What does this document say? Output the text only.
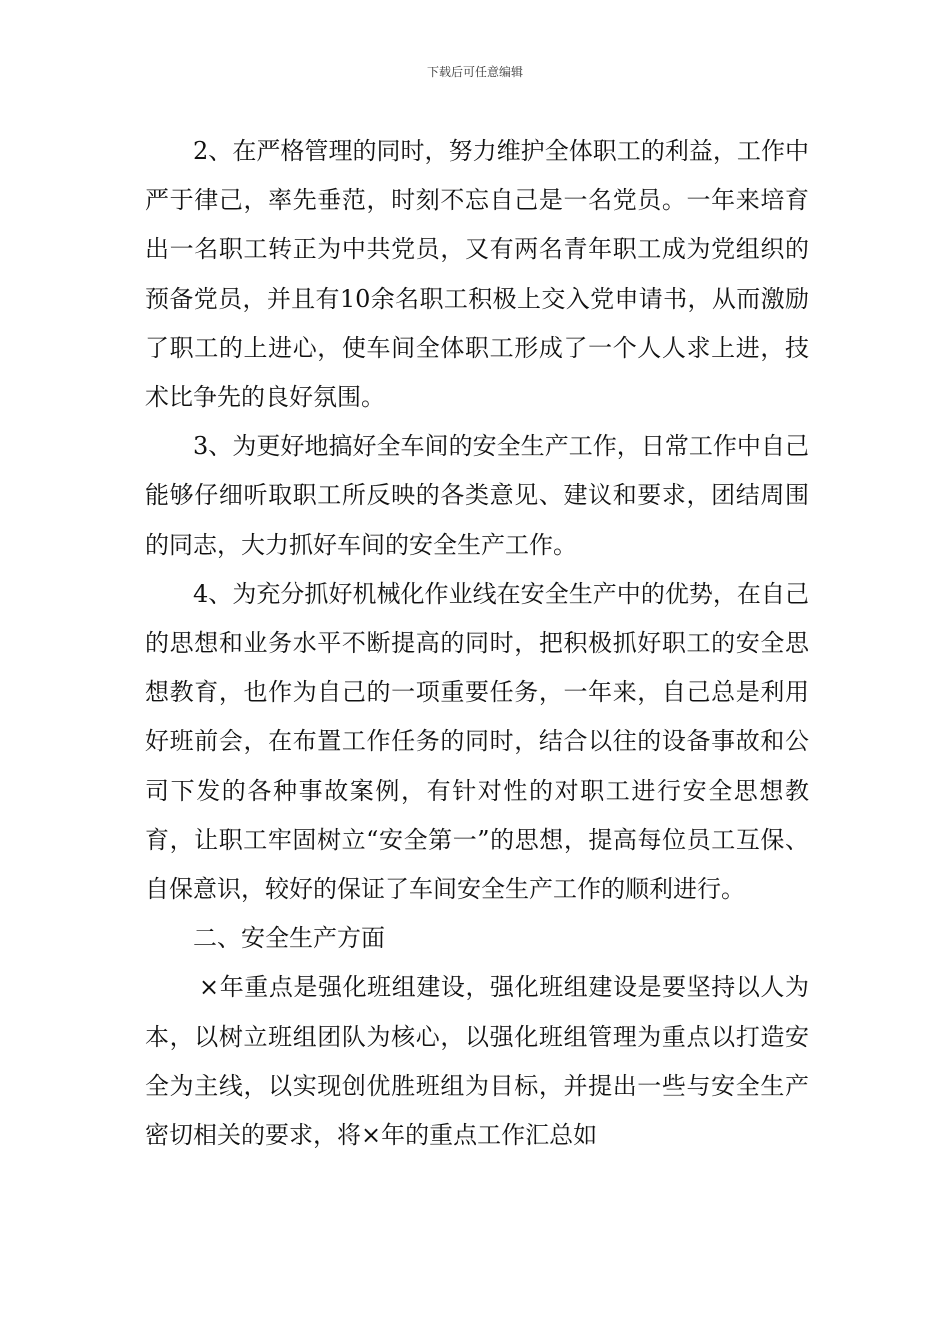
下载后可任意编辑

2、在严格管理的同时，努力维护全体职工的利益，工作中严于律己，率先垂范，时刻不忘自己是一名党员。一年来培育出一名职工转正为中共党员，又有两名青年职工成为党组织的预备党员，并且有10余名职工积极上交入党申请书，从而激励了职工的上进心，使车间全体职工形成了一个人人求上进，技术比争先的良好氛围。

3、为更好地搞好全车间的安全生产工作，日常工作中自己能够仔细听取职工所反映的各类意见、建议和要求，团结周围的同志，大力抓好车间的安全生产工作。

4、为充分抓好机械化作业线在安全生产中的优势，在自己的思想和业务水平不断提高的同时，把积极抓好职工的安全思想教育，也作为自己的一项重要任务，一年来，自己总是利用好班前会，在布置工作任务的同时，结合以往的设备事故和公司下发的各种事故案例，有针对性的对职工进行安全思想教育，让职工牢固树立“安全第一”的思想，提高每位员工互保、自保意识，较好的保证了车间安全生产工作的顺利进行。

二、安全生产方面

×年重点是强化班组建设，强化班组建设是要坚持以人为本，以树立班组团队为核心，以强化班组管理为重点以打造安全为主线，以实现创优胜班组为目标，并提出一些与安全生产密切相关的要求，将×年的重点工作汇总如
